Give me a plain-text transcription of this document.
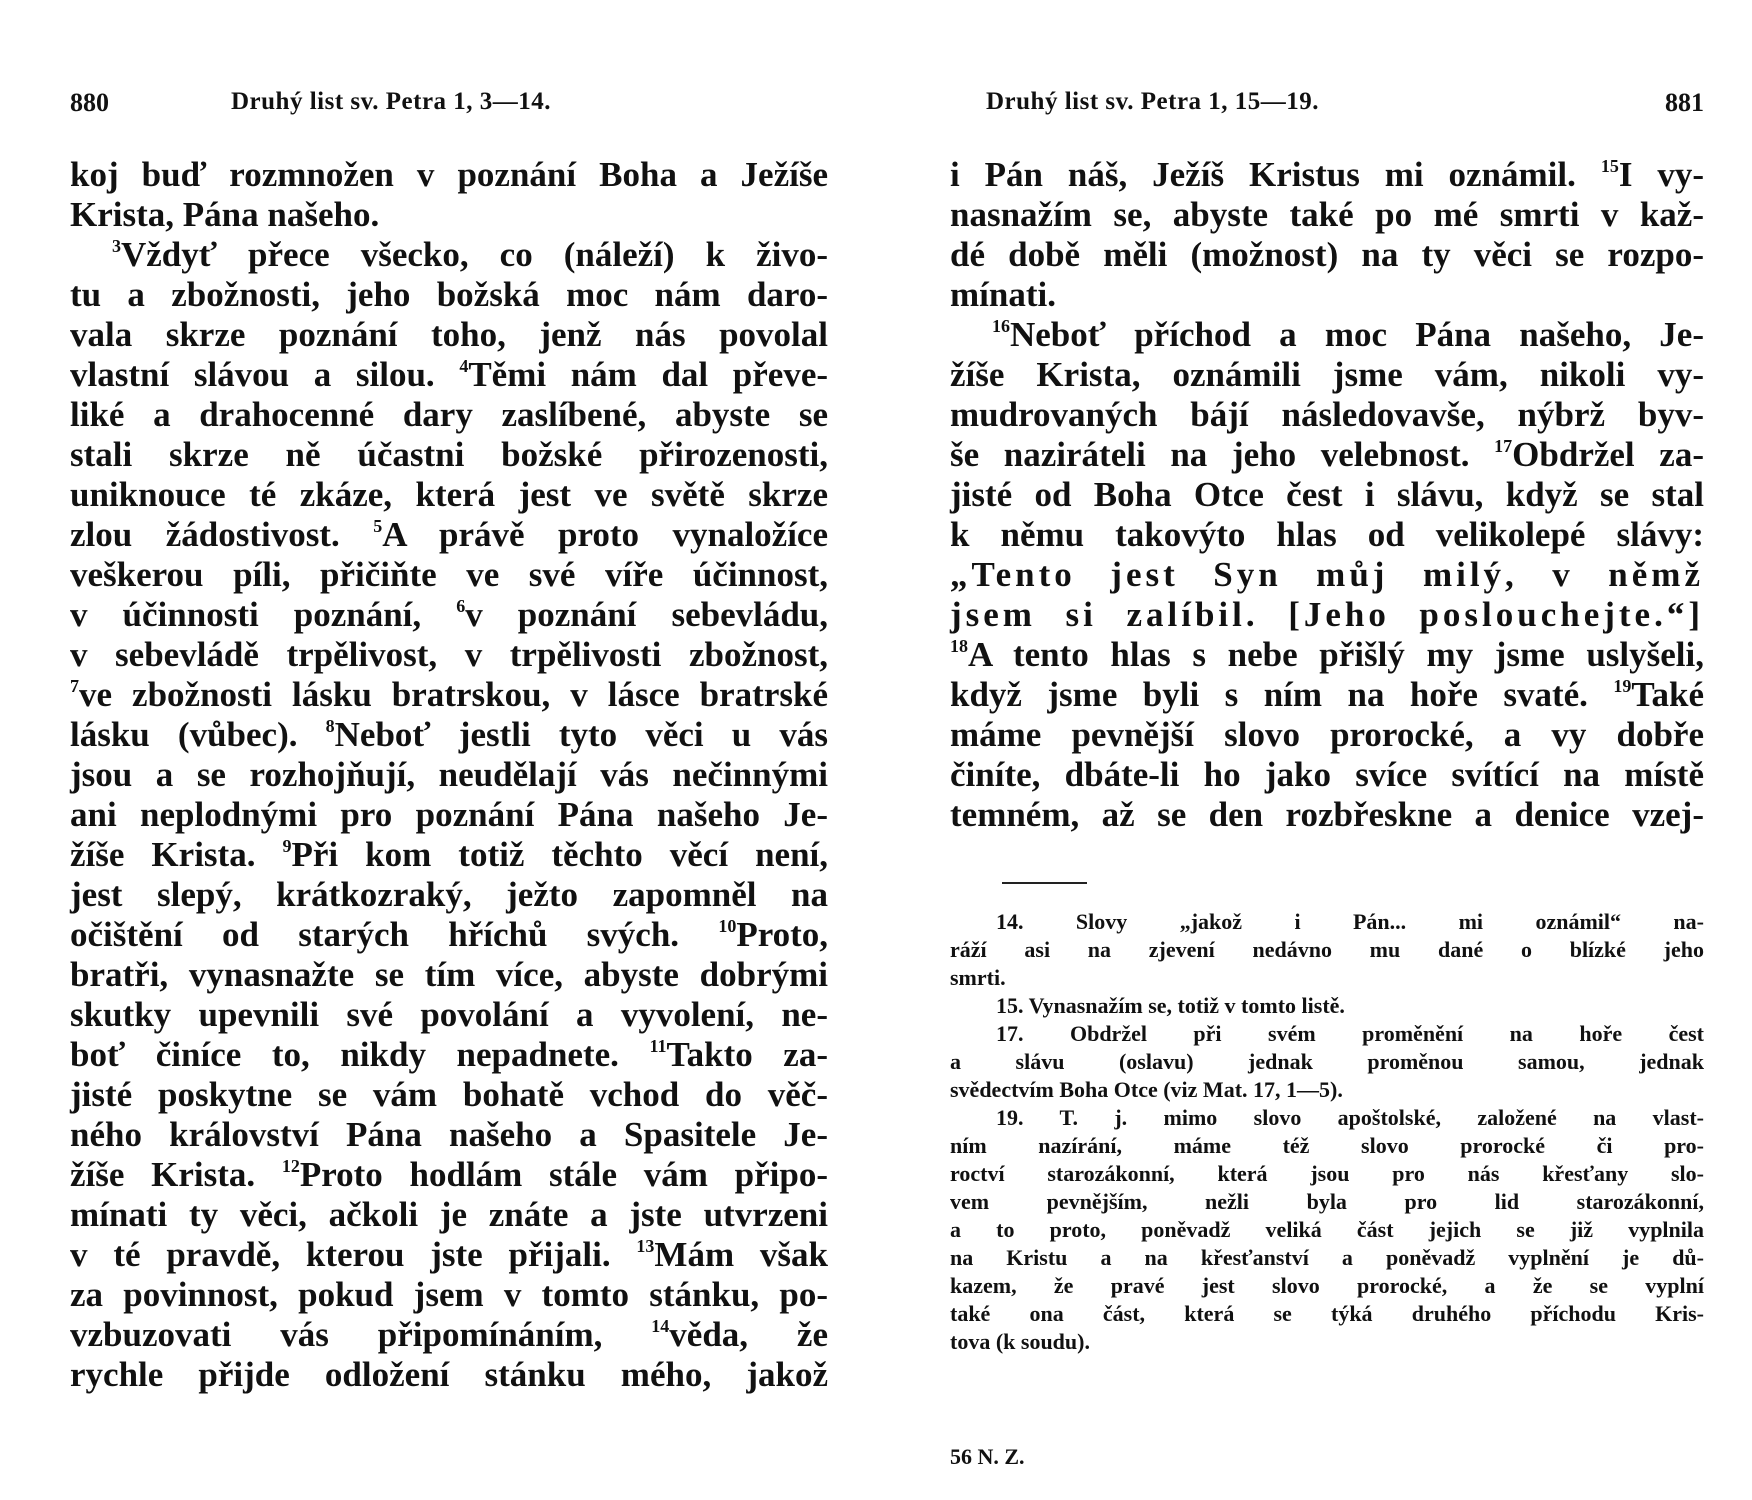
880	Druhý list sv. Petra 1, 3—14.
koj buď rozmnožen v poznání Boha a Ježíše
Krista, Pána našeho.
$^3$Vždyť přece všecko, co (náleží) k živo-
tu a zbožnosti, jeho božská moc nám daro-
vala skrze poznání toho, jenž nás povolal
vlastní slávou a silou. $^4$Těmi nám dal převe-
liké a drahocenné dary zaslíbené, abyste se
stali skrze ně účastni božské přirozenosti,
uniknouce té zkáze, která jest ve světě skrze
zlou žádostivost. $^5$A právě proto vynaložíce
veškerou píli, přičiňte ve své víře účinnost,
v účinnosti poznání, $^6$v poznání sebevládu,
v sebevládě trpělivost, v trpělivosti zbožnost,
$^7$ve zbožnosti lásku bratrskou, v lásce bratrské
lásku (vůbec). $^8$Neboť jestli tyto věci u vás
jsou a se rozhojňují, neudělají vás nečinnými
ani neplodnými pro poznání Pána našeho Je-
žíše Krista. $^9$Při kom totiž těchto věcí není,
jest slepý, krátkozraký, ježto zapomněl na
očištění od starých hříchů svých. $^{10}$Proto,
bratři, vynasnažte se tím více, abyste dobrými
skutky upevnili své povolání a vyvolení, ne-
boť činíce to, nikdy nepadnete. $^{11}$Takto za-
jisté poskytne se vám bohatě vchod do věč-
ného království Pána našeho a Spasitele Je-
žíše Krista. $^{12}$Proto hodlám stále vám připo-
mínati ty věci, ačkoli je znáte a jste utvrzeni
v té pravdě, kterou jste přijali. $^{13}$Mám však
za povinnost, pokud jsem v tomto stánku, po-
vzbuzovati vás připomínáním,	$^{14}$věda, že
rychle přijde odložení stánku mého, jakož
Druhý list sv. Petra 1, 15—19.	881
i Pán náš, Ježíš Kristus mi oznámil. $^{15}$I vy-
nasnažím se, abyste také po mé smrti v kaž-
dé době měli (možnost) na ty věci se rozpo-
mínati.
$^{16}$Neboť příchod a moc Pána našeho, Je-
žíše Krista, oznámili jsme vám, nikoli vy-
mudrovaných bájí následovavše, nýbrž byv-
še naziráteli na jeho velebnost. $^{17}$Obdržel za-
jisté od Boha Otce čest i slávu, když se stal
k němu takovýto hlas od velikolepé slávy:
„Tento jest Syn můj milý, v němž
jsem si zalíbil. [Jeho poslouchejte.“]
$^{18}$A tento hlas s nebe přišlý my jsme uslyšeli,
když jsme byli s ním na hoře svaté. $^{19}$Také
máme pevnější slovo prorocké, a vy dobře
činíte, dbáte-li ho jako svíce svítící na místě
temném, až se den rozbřeskne a denice vzej-
14. Slovy „jakož i Pán... mi oznámil“ na-
ráží asi na zjevení nedávno mu dané o blízké jeho
smrti.
15. Vynasnažím se, totiž v tomto listě.
17. Obdržel při svém proměnění na hoře čest
a slávu (oslavu) jednak proměnou samou, jednak
svědectvím Boha Otce (viz Mat. 17, 1—5).
19. T. j. mimo slovo apoštolské, založené na vlast-
ním nazírání, máme též slovo prorocké či pro-
roctví starozákonní, která jsou pro nás křesťany slo-
vem pevnějším, nežli byla pro lid starozákonní,
a to proto, poněvadž veliká část jejich se již vyplnila
na Kristu a na křesťanství a poněvadž vyplnění je dů-
kazem, že pravé jest slovo prorocké, a že se vyplní
také ona část, která se týká druhého příchodu Kris-
tova (k soudu).
56 N. Z.
